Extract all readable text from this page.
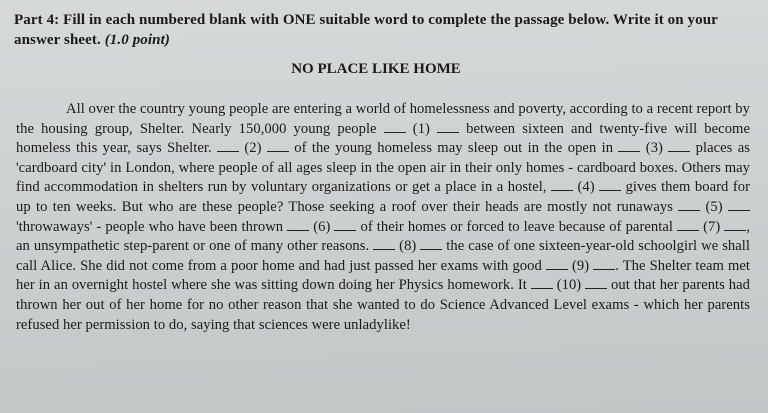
Part 4: Fill in each numbered blank with ONE suitable word to complete the passage below. Write it on your answer sheet. (1.0 point)
NO PLACE LIKE HOME
All over the country young people are entering a world of homelessness and poverty, according to a recent report by the housing group, Shelter. Nearly 150,000 young people  (1)  between sixteen and twenty-five will become homeless this year, says Shelter.  (2)  of the young homeless may sleep out in the open in  (3)  places as 'cardboard city' in London, where people of all ages sleep in the open air in their only homes - cardboard boxes. Others may find accommodation in shelters run by voluntary organizations or get a place in a hostel,  (4)  gives them board for up to ten weeks. But who are these people? Those seeking a roof over their heads are mostly not runaways  (5)  'throwaways' - people who have been thrown  (6)  of their homes or forced to leave because of parental  (7) , an unsympathetic step-parent or one of many other reasons.  (8)  the case of one sixteen-year-old schoolgirl we shall call Alice. She did not come from a poor home and had just passed her exams with good  (9) . The Shelter team met her in an overnight hostel where she was sitting down doing her Physics homework. It  (10)  out that her parents had thrown her out of her home for no other reason that she wanted to do Science Advanced Level exams - which her parents refused her permission to do, saying that sciences were unladylike!
